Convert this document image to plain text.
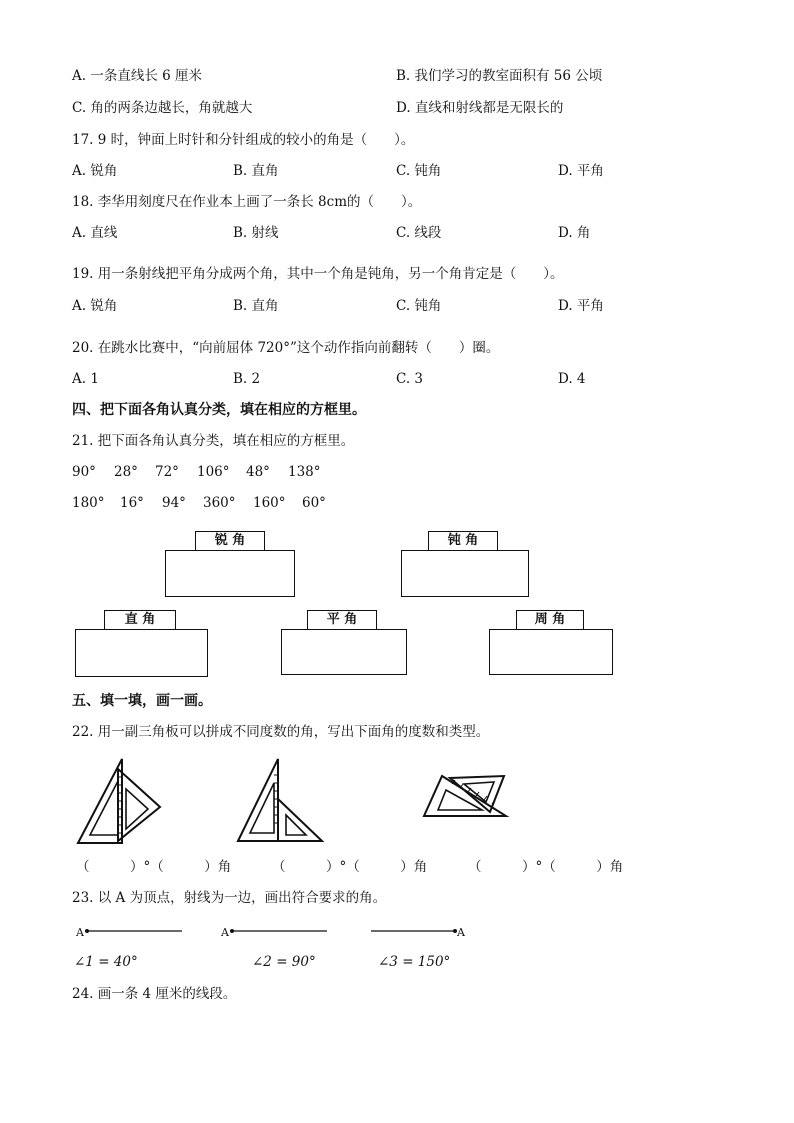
A. 一条直线长 6 厘米	B. 我们学习的教室面积有 56 公顷
C. 角的两条边越长，角就越大	D. 直线和射线都是无限长的
17. 9 时，钟面上时针和分针组成的较小的角是（　　）。
A. 锐角	B. 直角	C. 钝角	D. 平角
18. 李华用刻度尺在作业本上画了一条长 8cm的（　　）。
A. 直线	B. 射线	C. 线段	D. 角
19. 用一条射线把平角分成两个角，其中一个角是钝角，另一个角肯定是（　　）。
A. 锐角	B. 直角	C. 钝角	D. 平角
20. 在跳水比赛中，“向前屈体 720°”这个动作指向前翻转（　　）圈。
A. 1	B. 2	C. 3	D. 4
四、把下面各角认真分类，填在相应的方框里。
21. 把下面各角认真分类，填在相应的方框里。
90° 28° 72° 106° 48° 138°
180° 16° 94° 360° 160° 60°
锐 角	钝 角
直 角	平 角	周 角
五、填一填，画一画。
22. 用一副三角板可以拼成不同度数的角，写出下面角的度数和类型。
（　　　）°（　　　）角	（　　　）°（　　　）角	（　　　）°（　　　）角
23. 以 A 为顶点，射线为一边，画出符合要求的角。
A	A	A
∠1 = 40°	∠2 = 90°	∠3 = 150°
24. 画一条 4 厘米的线段。
